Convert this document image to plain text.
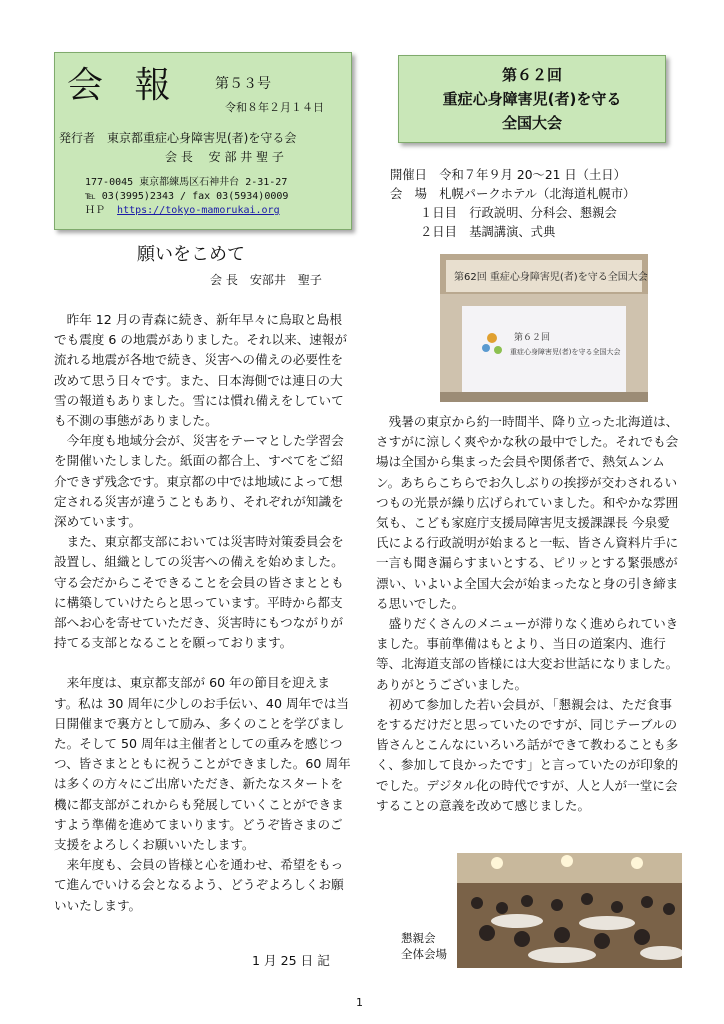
会 報 第５３号
令和８年２月１４日
発行者　東京都重症心身障害児(者)を守る会
会 長　 安 部 井 聖 子
177-0045 東京都練馬区石神井台 2-31-27
℡ 03(3995)2343 / fax 03(5934)0009
ＨＰ https://tokyo-mamorukai.org
第６２回
重症心身障害児(者)を守る
全国大会
開催日　令和７年９月 20～21 日（土日）
会　場　札幌パークホテル（北海道札幌市）
１日目　行政説明、分科会、懇親会
２日目　基調講演、式典
第62回 重症心身障害児(者)を守る全国大会
第６２回
重症心身障害児(者)を守る全国大会
願いをこめて
会 長　安部井　聖子

昨年 12 月の青森に続き、新年早々に鳥取と島根でも震度 6 の地震がありました。それ以来、速報が流れる地震が各地で続き、災害への備えの必要性を改めて思う日々です。また、日本海側では連日の大雪の報道もありました。雪には慣れ備えをしていても不測の事態がありました。

今年度も地域分会が、災害をテーマとした学習会を開催いたしました。紙面の都合上、すべてをご紹介できず残念です。東京都の中では地域によって想定される災害が違うこともあり、それぞれが知識を深めています。

また、東京都支部においては災害時対策委員会を設置し、組織としての災害への備えを始めました。守る会だからこそできることを会員の皆さまとともに構築していけたらと思っています。平時から都支部へお心を寄せていただき、災害時にもつながりが持てる支部となることを願っております。

来年度は、東京都支部が 60 年の節目を迎えます。私は 30 周年に少しのお手伝い、40 周年では当日開催まで裏方として励み、多くのことを学びました。そして 50 周年は主催者としての重みを感じつつ、皆さまとともに祝うことができました。60 周年は多くの方々にご出席いただき、新たなスタートを機に都支部がこれからも発展していくことができますよう準備を進めてまいります。どうぞ皆さまのご支援をよろしくお願いいたします。

来年度も、会員の皆様と心を通わせ、希望をもって進んでいける会となるよう、どうぞよろしくお願いいたします。

1 月 25 日 記

残暑の東京から約一時間半、降り立った北海道は、さすがに涼しく爽やかな秋の最中でした。それでも会場は全国から集まった会員や関係者で、熱気ムンムン。あちらこちらでお久しぶりの挨拶が交わされるいつもの光景が繰り広げられていました。和やかな雰囲気も、こども家庭庁支援局障害児支援課課長 今泉愛氏による行政説明が始まると一転、皆さん資料片手に一言も聞き漏らすまいとする、ピリッとする緊張感が漂い、いよいよ全国大会が始まったなと身の引き締まる思いでした。

盛りだくさんのメニューが滞りなく進められていきました。事前準備はもとより、当日の道案内、進行等、北海道支部の皆様には大変お世話になりました。ありがとうございました。

初めて参加した若い会員が、「懇親会は、ただ食事をするだけだと思っていたのですが、同じテーブルの皆さんとこんなにいろいろ話ができて教わることも多く、参加して良かったです」と言っていたのが印象的でした。デジタル化の時代ですが、人と人が一堂に会することの意義を改めて感じました。

懇親会
全体会場
1
